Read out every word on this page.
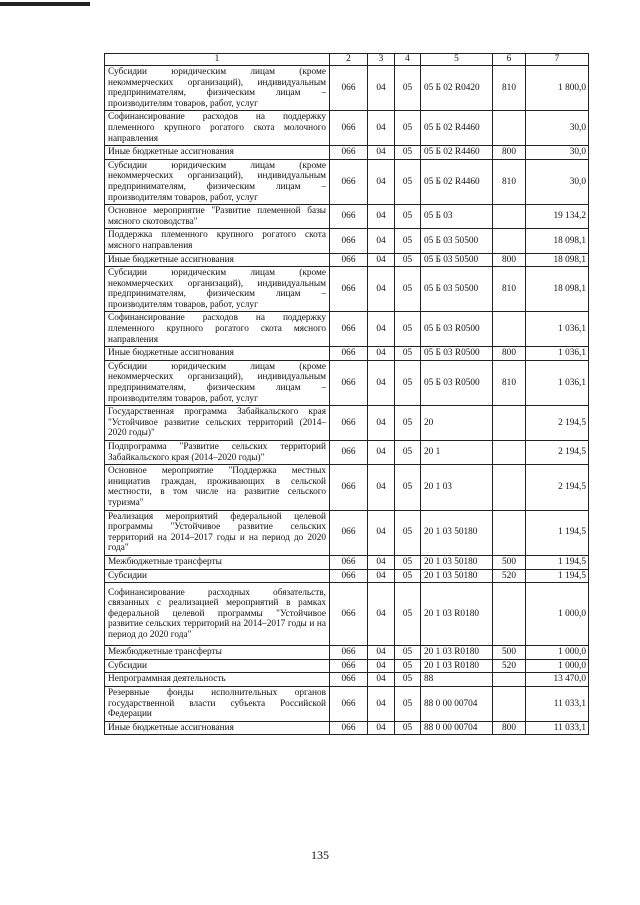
1	2	3	4	5	6	7
Субсидии юридическим лицам (кроме некоммерческих организаций), индивидуальным предпринимателям, физическим лицам – производителям товаров, работ, услуг	066	04	05	05 Б 02 R0420	810	1 800,0
Софинансирование расходов на поддержку племенного крупного рогатого скота молочного направления	066	04	05	05 Б 02 R4460		30,0
Иные бюджетные ассигнования	066	04	05	05 Б 02 R4460	800	30,0
Субсидии юридическим лицам (кроме некоммерческих организаций), индивидуальным предпринимателям, физическим лицам – производителям товаров, работ, услуг	066	04	05	05 Б 02 R4460	810	30,0
Основное мероприятие "Развитие племенной базы мясного скотоводства"	066	04	05	05 Б 03		19 134,2
Поддержка племенного крупного рогатого скота мясного направления	066	04	05	05 Б 03 50500		18 098,1
Иные бюджетные ассигнования	066	04	05	05 Б 03 50500	800	18 098,1
Субсидии юридическим лицам (кроме некоммерческих организаций), индивидуальным предпринимателям, физическим лицам – производителям товаров, работ, услуг	066	04	05	05 Б 03 50500	810	18 098,1
Софинансирование расходов на поддержку племенного крупного рогатого скота мясного направления	066	04	05	05 Б 03 R0500		1 036,1
Иные бюджетные ассигнования	066	04	05	05 Б 03 R0500	800	1 036,1
Субсидии юридическим лицам (кроме некоммерческих организаций), индивидуальным предпринимателям, физическим лицам – производителям товаров, работ, услуг	066	04	05	05 Б 03 R0500	810	1 036,1
Государственная программа Забайкальского края "Устойчивое развитие сельских территорий (2014–2020 годы)"	066	04	05	20		2 194,5
Подпрограмма "Развитие сельских территорий Забайкальского края (2014–2020 годы)"	066	04	05	20 1		2 194,5
Основное мероприятие "Поддержка местных инициатив граждан, проживающих в сельской местности, в том числе на развитие сельского туризма"	066	04	05	20 1 03		2 194,5
Реализация мероприятий федеральной целевой программы "Устойчивое развитие сельских территорий на 2014–2017 годы и на период до 2020 года"	066	04	05	20 1 03 50180		1 194,5
Межбюджетные трансферты	066	04	05	20 1 03 50180	500	1 194,5
Субсидии	066	04	05	20 1 03 50180	520	1 194,5
Софинансирование расходных обязательств, связанных с реализацией мероприятий в рамках федеральной целевой программы "Устойчивое развитие сельских территорий на 2014–2017 годы и на период до 2020 года"	066	04	05	20 1 03 R0180		1 000,0
Межбюджетные трансферты	066	04	05	20 1 03 R0180	500	1 000,0
Субсидии	066	04	05	20 1 03 R0180	520	1 000,0
Непрограммная деятельность	066	04	05	88		13 470,0
Резервные фонды исполнительных органов государственной власти субъекта Российской Федерации	066	04	05	88 0 00 00704		11 033,1
Иные бюджетные ассигнования	066	04	05	88 0 00 00704	800	11 033,1
135
